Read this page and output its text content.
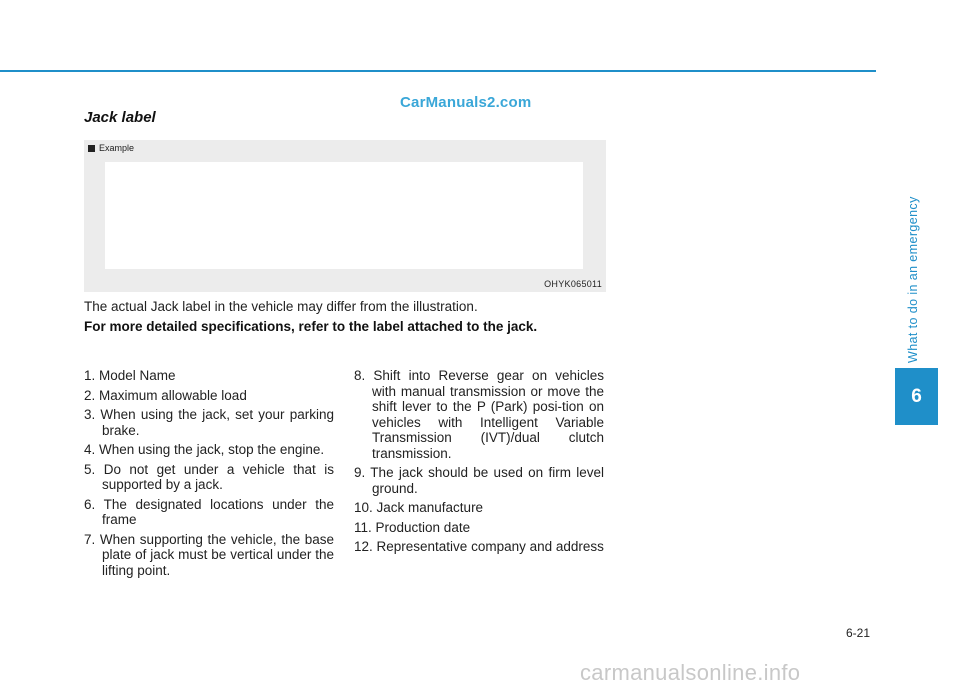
CarManuals2.com
Jack label
Example
OHYK065011
The actual Jack label in the vehicle may differ from the illustration.
For more detailed specifications, refer to the label attached to the jack.
1. Model Name
2. Maximum allowable load
3. When using the jack, set your parking brake.
4. When using the jack, stop the engine.
5. Do not get under a vehicle that is supported by a jack.
6. The designated locations under the frame
7. When supporting the vehicle, the base plate of jack must be vertical under the lifting point.
8. Shift into Reverse gear on vehicles with manual transmission or move the shift lever to the P (Park) posi-tion on vehicles with Intelligent Variable Transmission (IVT)/dual clutch transmission.
9. The jack should be used on firm level ground.
10. Jack manufacture
11. Production date
12. Representative company and address
What to do in an emergency
6
6-21
carmanualsonline.info
